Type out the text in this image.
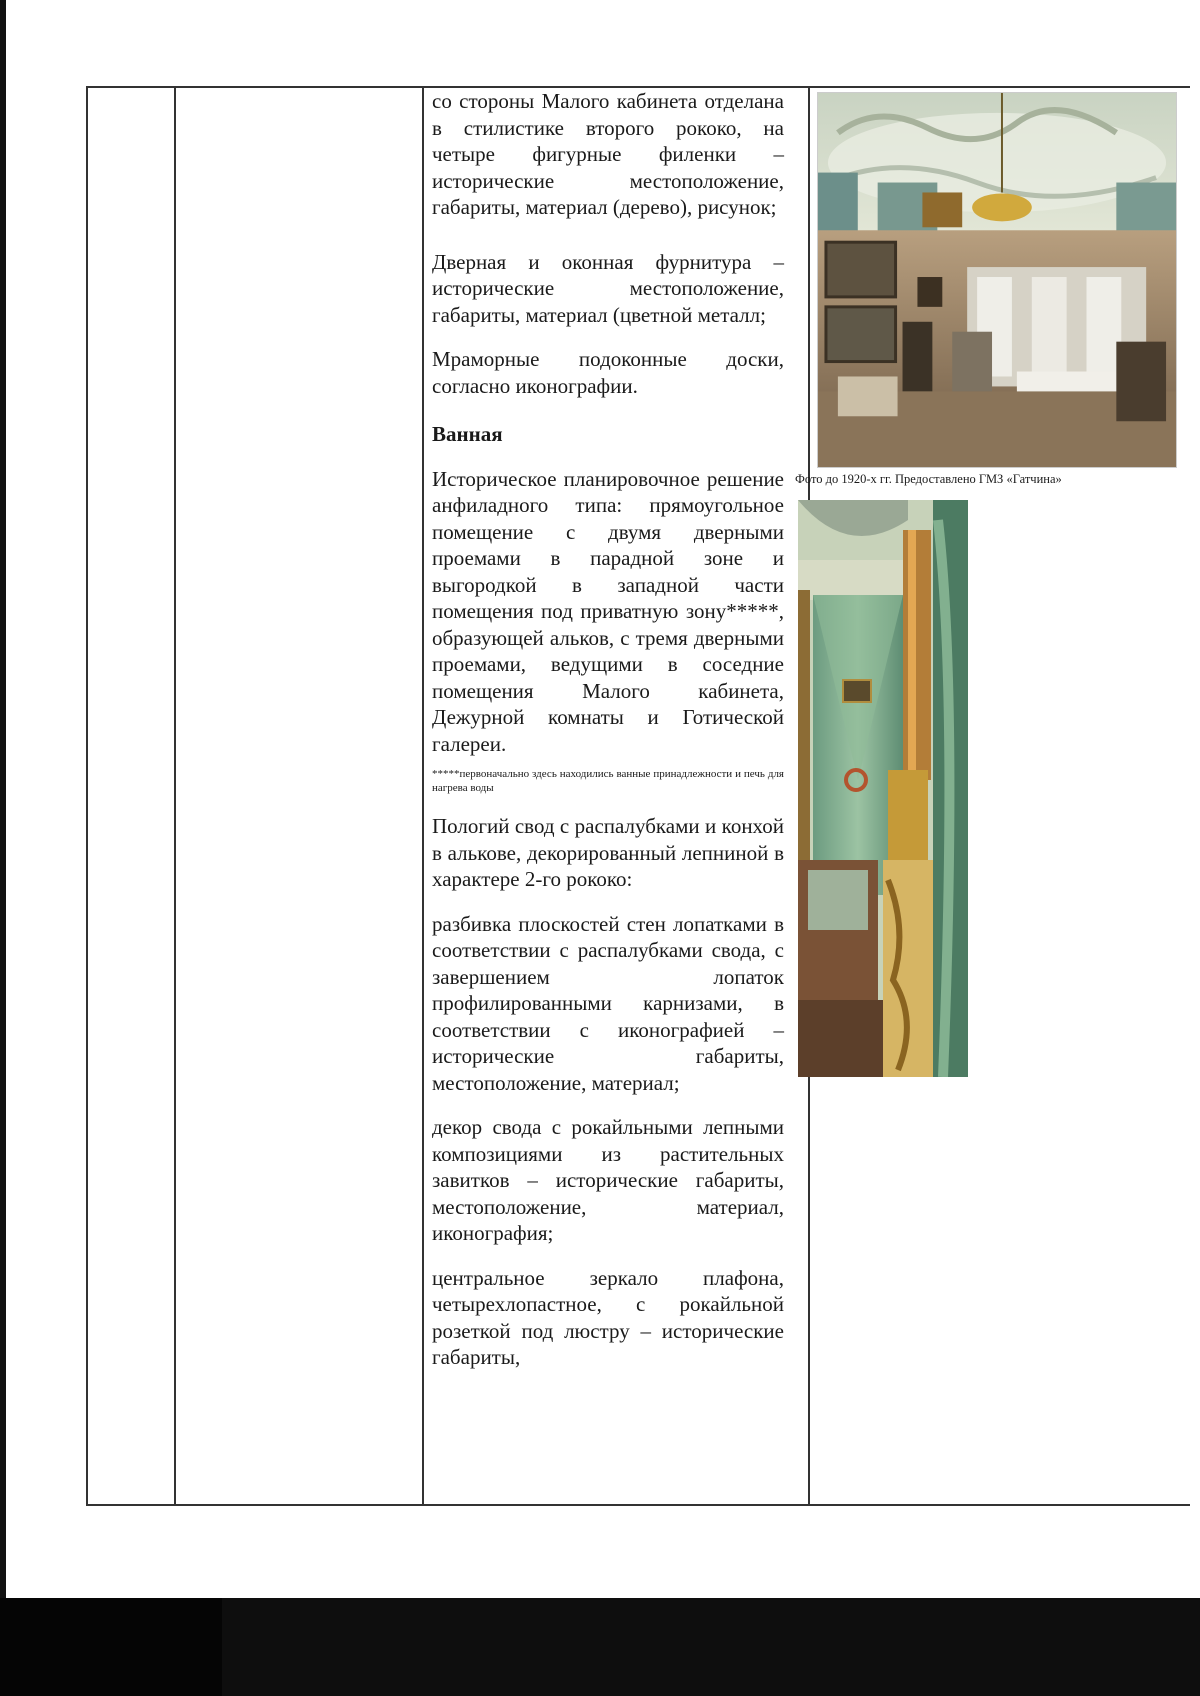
со стороны Малого кабинета отделана в стилистике второго рококо, на четыре фигурные филенки – исторические местоположение, габариты, материал (дерево), рисунок;

Дверная и оконная фурнитура – исторические местоположение, габариты, материал (цветной металл;

Мраморные подоконные доски, согласно иконографии.

Ванная

Историческое планировочное решение анфиладного типа: прямоугольное помещение с двумя дверными проемами в парадной зоне и выгородкой в западной части помещения под приватную зону*****, образующей альков, с тремя дверными проемами, ведущими в соседние помещения Малого кабинета, Дежурной комнаты и Готической галереи.

*****первоначально здесь находились ванные принадлежности и печь для нагрева воды

Пологий свод с распалубками и конхой в алькове, декорированный лепниной в характере 2-го рококо:

разбивка плоскостей стен лопатками в соответствии с распалубками свода, с завершением лопаток профилированными карнизами, в соответствии с иконографией – исторические габариты, местоположение, материал;

декор свода с рокайльными лепными композициями из растительных завитков – исторические габариты, местоположение, материал, иконография;

центральное зеркало плафона, четырехлопастное, с рокайльной розеткой под люстру – исторические габариты,

Фото до 1920-х гг. Предоставлено ГМЗ «Гатчина»
